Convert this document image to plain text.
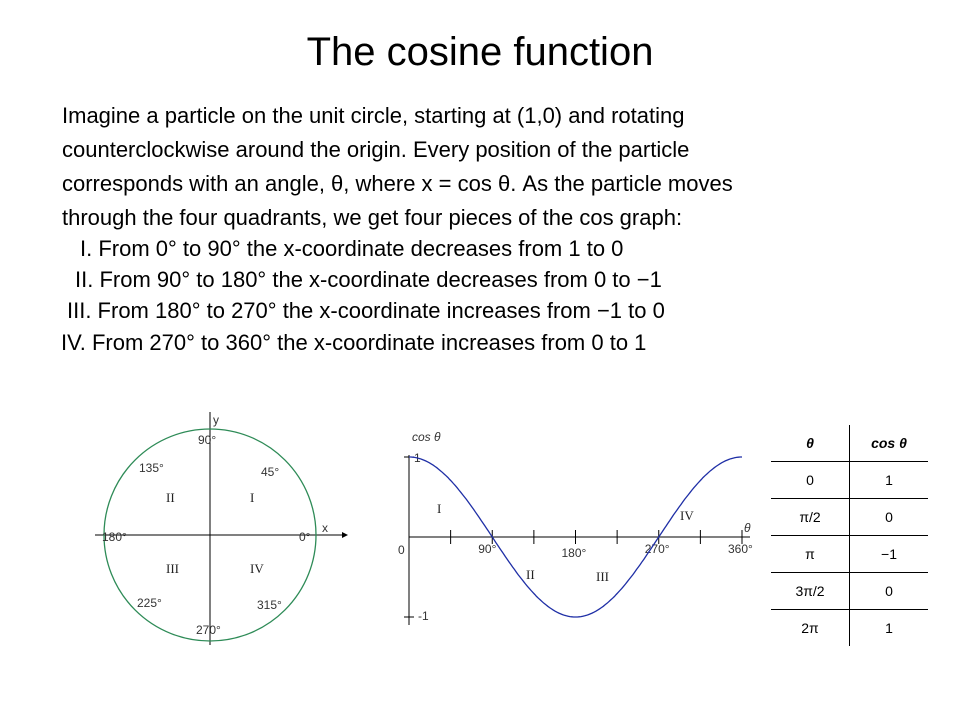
The cosine function
Imagine a particle on the unit circle, starting at (1,0) and rotating
counterclockwise around the origin. Every position of the particle
corresponds with an angle, θ, where x = cos θ. As the particle moves
through the four quadrants, we get four pieces of the cos graph:
I. From 0° to 90° the x-coordinate decreases from 1 to 0
II. From 90° to 180° the x-coordinate decreases from 0 to −1
III. From 180° to 270° the x-coordinate increases from −1 to 0
IV. From 270° to 360° the x-coordinate increases from 0 to 1
x
y
90°
135°	45°
180°	0°
225°	315°
270°
I
II
III	IV
cos θ
1
0
-1
θ
90°	180°	270°	360°
I
II	III
IV
θ	cos θ
0	1
π/2	0
π	−1
3π/2	0
2π	1
